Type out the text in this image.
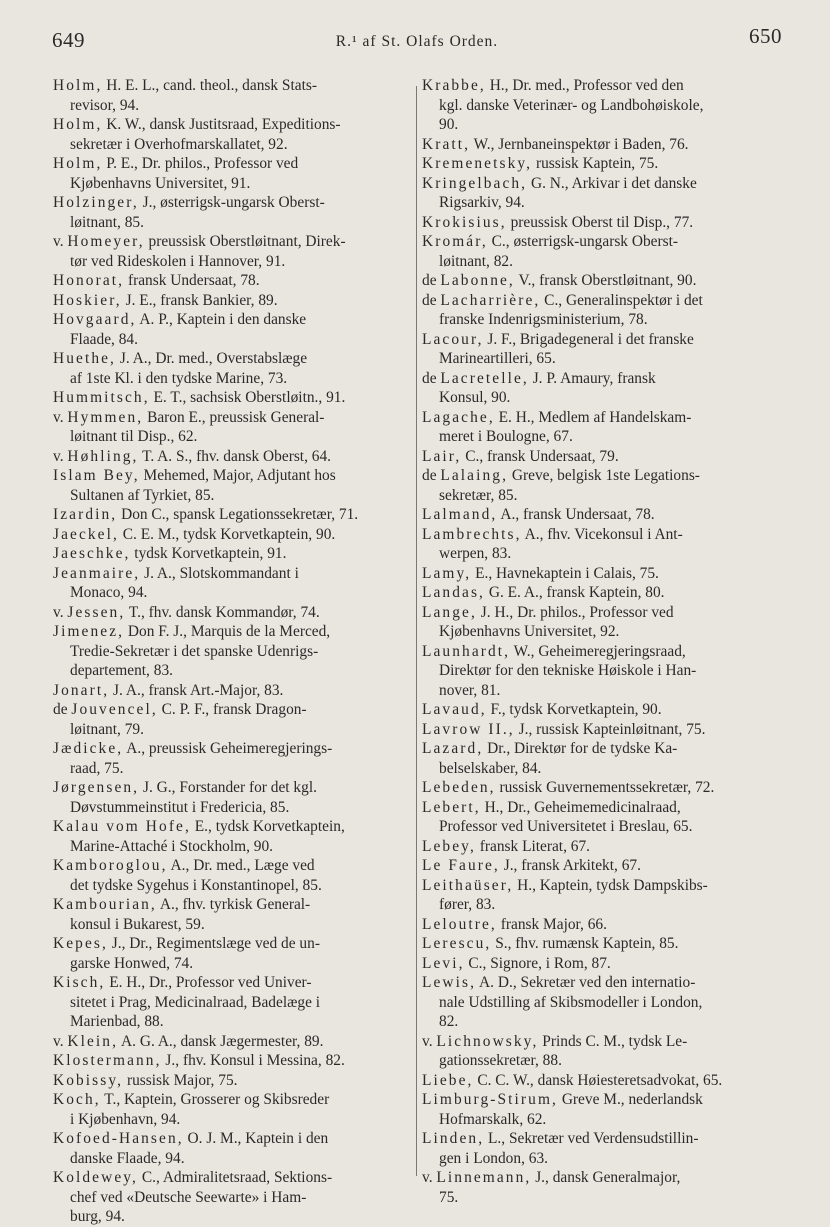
649	R.¹ af St. Olafs Orden.	650

Holm, H. E. L., cand. theol., dansk Stats-
revisor, 94.

Holm, K. W., dansk Justitsraad, Expeditions-
sekretær i Overhofmarskallatet, 92.

Holm, P. E., Dr. philos., Professor ved
Kjøbenhavns Universitet, 91.

Holzinger, J., østerrigsk-ungarsk Oberst-
løitnant, 85.

v. Homeyer, preussisk Oberstløitnant, Direk-
tør ved Rideskolen i Hannover, 91.

Honorat, fransk Undersaat, 78.

Hoskier, J. E., fransk Bankier, 89.

Hovgaard, A. P., Kaptein i den danske
Flaade, 84.

Huethe, J. A., Dr. med., Overstabslæge
af 1ste Kl. i den tydske Marine, 73.

Hummitsch, E. T., sachsisk Oberstløitn., 91.

v. Hymmen, Baron E., preussisk General-
løitnant til Disp., 62.

v. Høhling, T. A. S., fhv. dansk Oberst, 64.

Islam Bey, Mehemed, Major, Adjutant hos
Sultanen af Tyrkiet, 85.

Izardin, Don C., spansk Legationssekretær, 71.

Jaeckel, C. E. M., tydsk Korvetkaptein, 90.

Jaeschke, tydsk Korvetkaptein, 91.

Jeanmaire, J. A., Slotskommandant i
Monaco, 94.

v. Jessen, T., fhv. dansk Kommandør, 74.

Jimenez, Don F. J., Marquis de la Merced,
Tredie-Sekretær i det spanske Udenrigs-
departement, 83.

Jonart, J. A., fransk Art.-Major, 83.

de Jouvencel, C. P. F., fransk Dragon-
løitnant, 79.

Jædicke, A., preussisk Geheimeregjerings-
raad, 75.

Jørgensen, J. G., Forstander for det kgl.
Døvstummeinstitut i Fredericia, 85.

Kalau vom Hofe, E., tydsk Korvetkaptein,
Marine-Attaché i Stockholm, 90.

Kamboroglou, A., Dr. med., Læge ved
det tydske Sygehus i Konstantinopel, 85.

Kambourian, A., fhv. tyrkisk General-
konsul i Bukarest, 59.

Kepes, J., Dr., Regimentslæge ved de un-
garske Honwed, 74.

Kisch, E. H., Dr., Professor ved Univer-
sitetet i Prag, Medicinalraad, Badelæge i
Marienbad, 88.

v. Klein, A. G. A., dansk Jægermester, 89.

Klostermann, J., fhv. Konsul i Messina, 82.

Kobissy, russisk Major, 75.

Koch, T., Kaptein, Grosserer og Skibsreder
i Kjøbenhavn, 94.

Kofoed-Hansen, O. J. M., Kaptein i den
danske Flaade, 94.

Koldewey, C., Admiralitetsraad, Sektions-
chef ved «Deutsche Seewarte» i Ham-
burg, 94.

Krabbe, H., Dr. med., Professor ved den
kgl. danske Veterinær- og Landbohøiskole,
90.

Kratt, W., Jernbaneinspektør i Baden, 76.

Kremenetsky, russisk Kaptein, 75.

Kringelbach, G. N., Arkivar i det danske
Rigsarkiv, 94.

Krokisius, preussisk Oberst til Disp., 77.

Kromár, C., østerrigsk-ungarsk Oberst-
løitnant, 82.

de Labonne, V., fransk Oberstløitnant, 90.

de Lacharrière, C., Generalinspektør i det
franske Indenrigsministerium, 78.

Lacour, J. F., Brigadegeneral i det franske
Marineartilleri, 65.

de Lacretelle, J. P. Amaury, fransk
Konsul, 90.

Lagache, E. H., Medlem af Handelskam-
meret i Boulogne, 67.

Lair, C., fransk Undersaat, 79.

de Lalaing, Greve, belgisk 1ste Legations-
sekretær, 85.

Lalmand, A., fransk Undersaat, 78.

Lambrechts, A., fhv. Vicekonsul i Ant-
werpen, 83.

Lamy, E., Havnekaptein i Calais, 75.

Landas, G. E. A., fransk Kaptein, 80.

Lange, J. H., Dr. philos., Professor ved
Kjøbenhavns Universitet, 92.

Launhardt, W., Geheimeregjeringsraad,
Direktør for den tekniske Høiskole i Han-
nover, 81.

Lavaud, F., tydsk Korvetkaptein, 90.

Lavrow II., J., russisk Kapteinløitnant, 75.

Lazard, Dr., Direktør for de tydske Ka-
belselskaber, 84.

Lebeden, russisk Guvernementssekretær, 72.

Lebert, H., Dr., Geheimemedicinalraad,
Professor ved Universitetet i Breslau, 65.

Lebey, fransk Literat, 67.

Le Faure, J., fransk Arkitekt, 67.

Leithaüser, H., Kaptein, tydsk Dampskibs-
fører, 83.

Leloutre, fransk Major, 66.

Lerescu, S., fhv. rumænsk Kaptein, 85.

Levi, C., Signore, i Rom, 87.

Lewis, A. D., Sekretær ved den internatio-
nale Udstilling af Skibsmodeller i London,
82.

v. Lichnowsky, Prinds C. M., tydsk Le-
gationssekretær, 88.

Liebe, C. C. W., dansk Høiesteretsadvokat, 65.

Limburg-Stirum, Greve M., nederlandsk
Hofmarskalk, 62.

Linden, L., Sekretær ved Verdensudstillin-
gen i London, 63.

v. Linnemann, J., dansk Generalmajor,
75.
